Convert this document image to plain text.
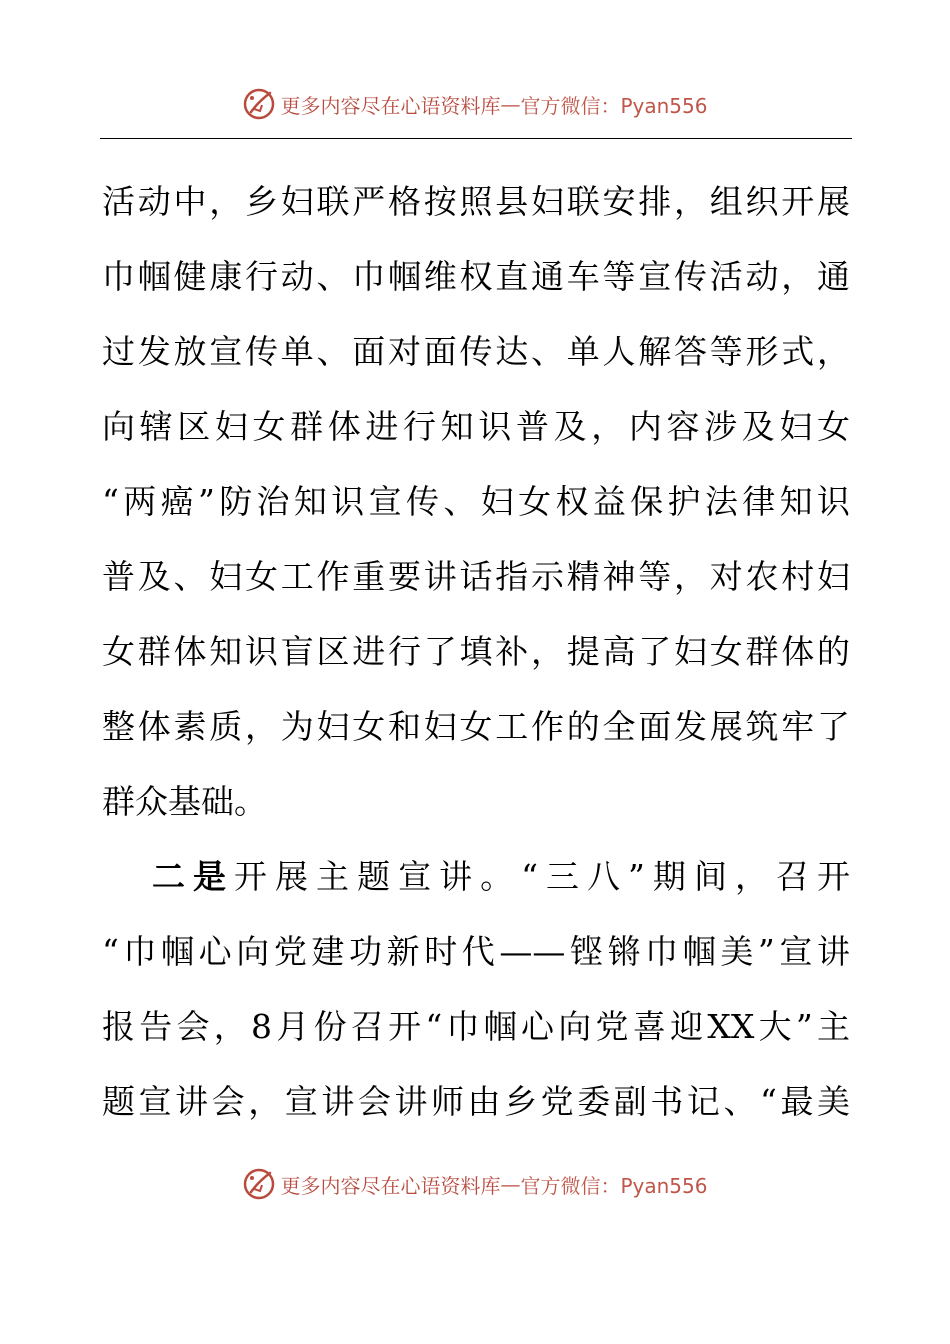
更多内容尽在心语资料库 — 官方微信：Pyan556
活动中，乡妇联严格按照县妇联安排，组织开展
巾帼健康行动、巾帼维权直通车等宣传活动，通
过发放宣传单、面对面传达、单人解答等形式，
向辖区妇女群体进行知识普及，内容涉及妇女
“两癌”防治知识宣传、妇女权益保护法律知识
普及、妇女工作重要讲话指示精神等，对农村妇
女群体知识盲区进行了填补，提高了妇女群体的
整体素质，为妇女和妇女工作的全面发展筑牢了
群众基础。
二是开展主题宣讲。“三八”期间，召开
“巾帼心向党建功新时代——铿锵巾帼美”宣讲
报告会，8月份召开“巾帼心向党喜迎XX大”主
题宣讲会，宣讲会讲师由乡党委副书记、“最美
更多内容尽在心语资料库 — 官方微信：Pyan556
